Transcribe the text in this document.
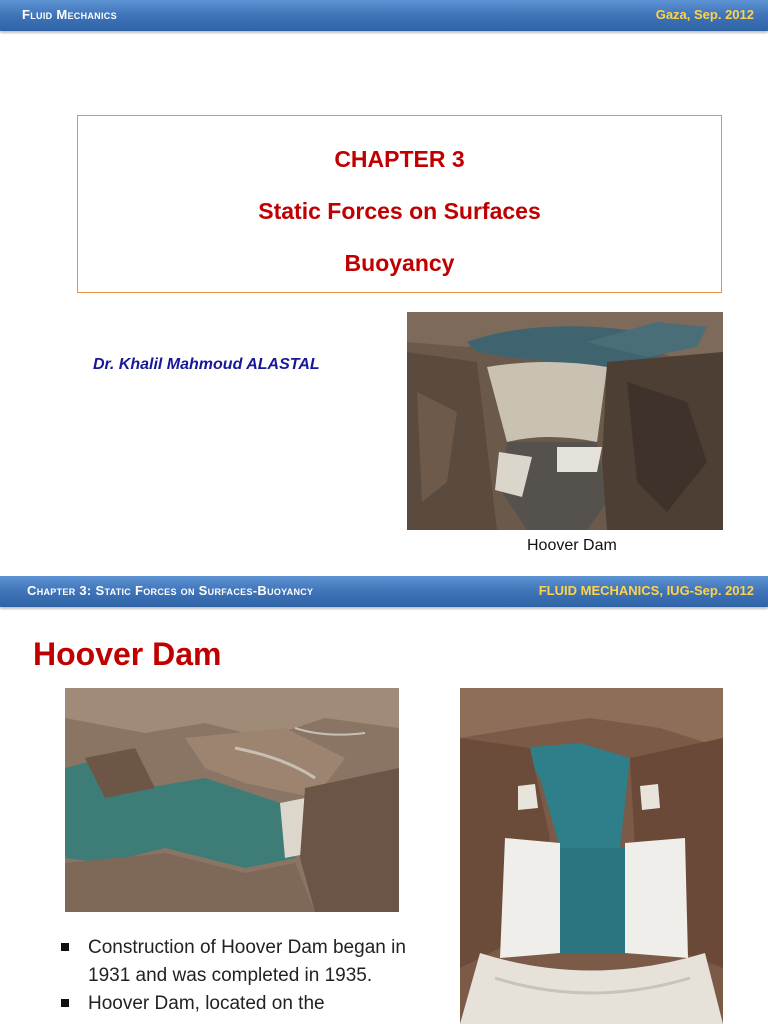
Fluid Mechanics	Gaza, Sep. 2012
CHAPTER 3
Static Forces on Surfaces
Buoyancy
Dr. Khalil Mahmoud ALASTAL
Hoover Dam
Chapter 3: Static Forces on Surfaces-Buoyancy	FLUID MECHANICS, IUG-Sep. 2012
Hoover Dam
Construction of Hoover Dam began in 1931 and was completed in 1935.
Hoover Dam, located on the
